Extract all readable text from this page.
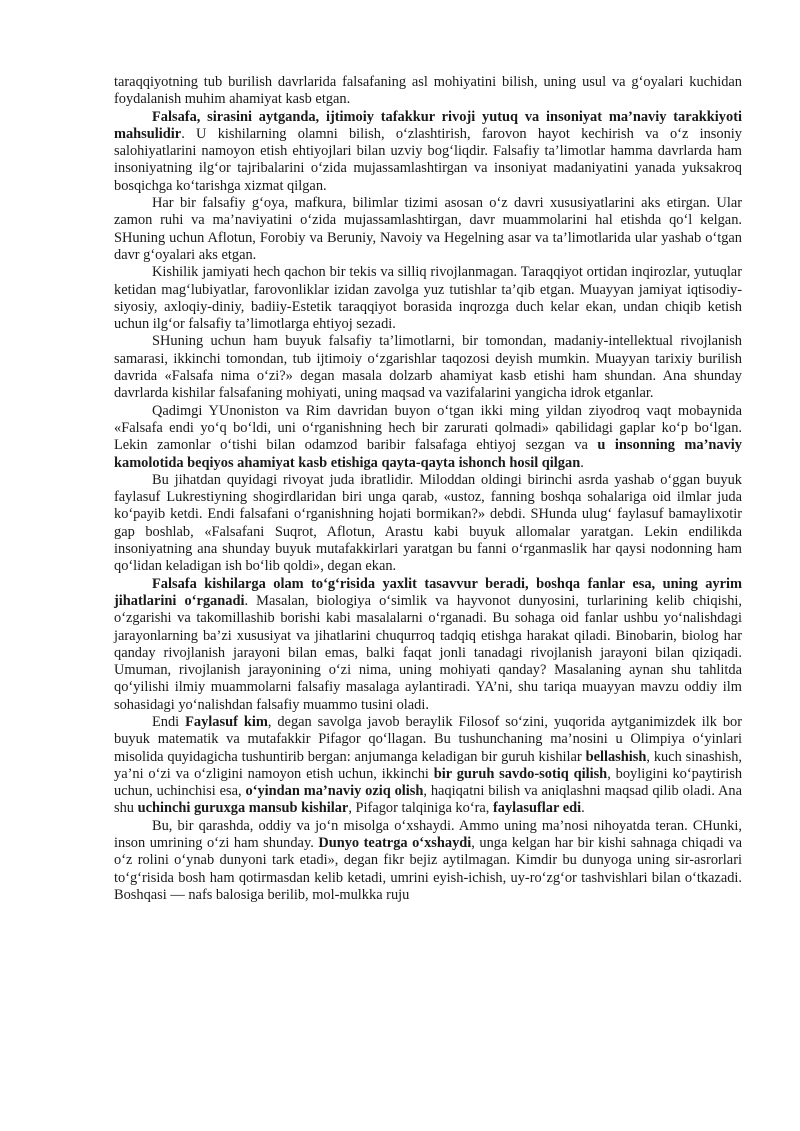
taraqqiyotning tub burilish davrlarida falsafaning asl mohiyatini bilish, uning usul va g‘oyalari kuchidan foydalanish muhim ahamiyat kasb etgan.

Falsafa, sirasini aytganda, ijtimoiy tafakkur rivoji yutuq va insoniyat ma’naviy tarakkiyoti mahsulidir. U kishilarning olamni bilish, o‘zlashtirish, farovon hayot kechirish va o‘z insoniy salohiyatlarini namoyon etish ehtiyojlari bilan uzviy bog‘liqdir. Falsafiy ta’limotlar hamma davrlarda ham insoniyatning ilg‘or tajribalarini o‘zida mujassamlashtirgan va insoniyat madaniyatini yanada yuksakroq bosqichga ko‘tarishga xizmat qilgan.

Har bir falsafiy g‘oya, mafkura, bilimlar tizimi asosan o‘z davri xususiyatlarini aks etirgan. Ular zamon ruhi va ma’naviyatini o‘zida mujassamlashtirgan, davr muammolarini hal etishda qo‘l kelgan. SHuning uchun Aflotun, Forobiy va Beruniy, Navoiy va Hegelning asar va ta’limotlarida ular yashab o‘tgan davr g‘oyalari aks etgan.

Kishilik jamiyati hech qachon bir tekis va silliq rivojlanmagan. Taraqqiyot ortidan inqirozlar, yutuqlar ketidan mag‘lubiyatlar, farovonliklar izidan zavolga yuz tutishlar ta’qib etgan. Muayyan jamiyat iqtisodiy-siyosiy, axloqiy-diniy, badiiy-Estetik taraqqiyot borasida inqrozga duch kelar ekan, undan chiqib ketish uchun ilg‘or falsafiy ta’limotlarga ehtiyoj sezadi.

SHuning uchun ham buyuk falsafiy ta’limotlarni, bir tomondan, madaniy-intellektual rivojlanish samarasi, ikkinchi tomondan, tub ijtimoiy o‘zgarishlar taqozosi deyish mumkin. Muayyan tarixiy burilish davrida «Falsafa nima o‘zi?» degan masala dolzarb ahamiyat kasb etishi ham shundan. Ana shunday davrlarda kishilar falsafaning mohiyati, uning maqsad va vazifalarini yangicha idrok etganlar.

Qadimgi YUnoniston va Rim davridan buyon o‘tgan ikki ming yildan ziyodroq vaqt mobaynida «Falsafa endi yo‘q bo‘ldi, uni o‘rganishning hech bir zarurati qolmadi» qabilidagi gaplar ko‘p bo‘lgan. Lekin zamonlar o‘tishi bilan odamzod baribir falsafaga ehtiyoj sezgan va u insonning ma’naviy kamolotida beqiyos ahamiyat kasb etishiga qayta-qayta ishonch hosil qilgan.

Bu jihatdan quyidagi rivoyat juda ibratlidir. Miloddan oldingi birinchi asrda yashab o‘ggan buyuk faylasuf Lukrestiyning shogirdlaridan biri unga qarab, «ustoz, fanning boshqa sohalariga oid ilmlar juda ko‘payib ketdi. Endi falsafani o‘rganishning hojati bormikan?» debdi. SHunda ulug‘ faylasuf bamaylixotir gap boshlab, «Falsafani Suqrot, Aflotun, Arastu kabi buyuk allomalar yaratgan. Lekin endilikda insoniyatning ana shunday buyuk mutafakkirlari yaratgan bu fanni o‘rganmaslik har qaysi nodonning ham qo‘lidan keladigan ish bo‘lib qoldi», degan ekan.

Falsafa kishilarga olam to‘g‘risida yaxlit tasavvur beradi, boshqa fanlar esa, uning ayrim jihatlarini o‘rganadi. Masalan, biologiya o‘simlik va hayvonot dunyosini, turlarining kelib chiqishi, o‘zgarishi va takomillashib borishi kabi masalalarni o‘rganadi. Bu sohaga oid fanlar ushbu yo‘nalishdagi jarayonlarning ba’zi xususiyat va jihatlarini chuqurroq tadqiq etishga harakat qiladi. Binobarin, biolog har qanday rivojlanish jarayoni bilan emas, balki faqat jonli tanadagi rivojlanish jarayoni bilan qiziqadi. Umuman, rivojlanish jarayonining o‘zi nima, uning mohiyati qanday? Masalaning aynan shu tahlitda qo‘yilishi ilmiy muammolarni falsafiy masalaga aylantiradi. YA’ni, shu tariqa muayyan mavzu oddiy ilm sohasidagi yo‘nalishdan falsafiy muammo tusini oladi.

Endi Faylasuf kim, degan savolga javob beraylik Filosof so‘zini, yuqorida aytganimizdek ilk bor buyuk matematik va mutafakkir Pifagor qo‘llagan. Bu tushunchaning ma’nosini u Olimpiya o‘yinlari misolida quyidagicha tushuntirib bergan: anjumanga keladigan bir guruh kishilar bellashish, kuch sinashish, ya’ni o‘zi va o‘zligini namoyon etish uchun, ikkinchi bir guruh savdo-sotiq qilish, boyligini ko‘paytirish uchun, uchinchisi esa, o‘yindan ma’naviy oziq olish, haqiqatni bilish va aniqlashni maqsad qilib oladi. Ana shu uchinchi guruxga mansub kishilar, Pifagor talqiniga ko‘ra, faylasuflar edi.

Bu, bir qarashda, oddiy va jo‘n misolga o‘xshaydi. Ammo uning ma’nosi nihoyatda teran. CHunki, inson umrining o‘zi ham shunday. Dunyo teatrga o‘xshaydi, unga kelgan har bir kishi sahnaga chiqadi va o‘z rolini o‘ynab dunyoni tark etadi», degan fikr bejiz aytilmagan. Kimdir bu dunyoga uning sir-asrorlari to‘g‘risida bosh ham qotirmasdan kelib ketadi, umrini eyish-ichish, uy-ro‘zg‘or tashvishlari bilan o‘tkazadi. Boshqasi — nafs balosiga berilib, mol-mulkka ruju
